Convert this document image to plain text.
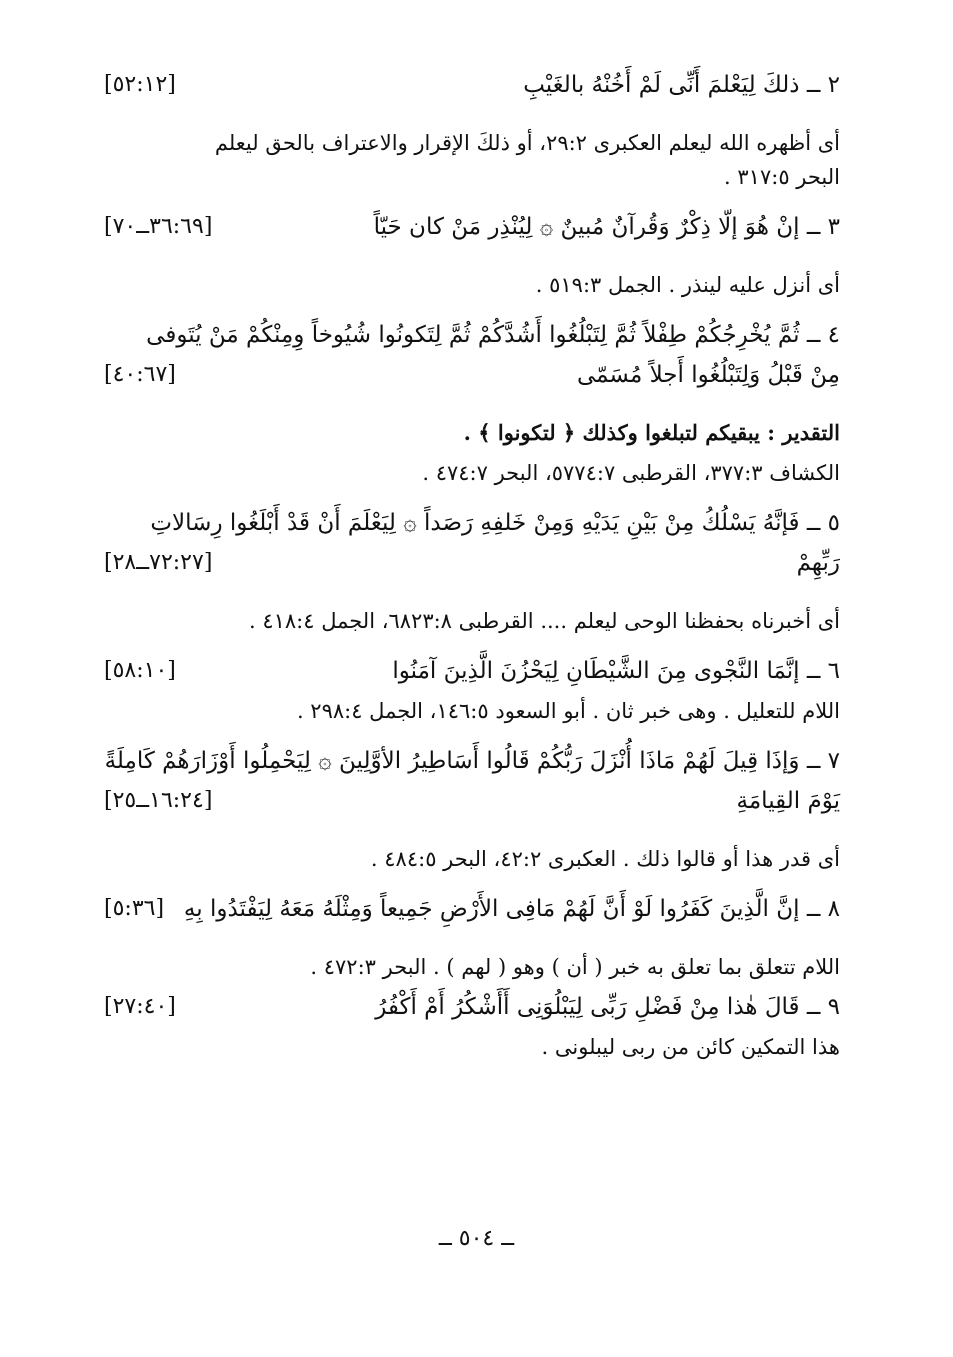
٢ ــ ذلكَ لِيَعْلمَ أَنِّى لَمْ أَخُنْهُ بالغَيْبِ
[٥٢:١٢]
أى أظهره الله ليعلم العكبرى ٢٩:٢، أو ذلكَ الإقرار والاعتراف بالحق ليعلم
البحر ٣١٧:٥ .
٣ ــ إنْ هُوَ إلّا ذِكْرٌ وَقُرآنٌ مُبينٌ ۞ لِيُنْذِر مَنْ كان حَيّاً
[٣٦:٦٩ــ٧٠]
أى أنزل عليه لينذر . الجمل ٥١٩:٣ .
٤ ــ ثُمَّ يُخْرِجُكُمْ طِفْلاً ثُمَّ لِتَبْلُغُوا أَشُدَّكُمْ ثُمَّ لِتَكونُوا شُيُوخاً وِمِنْكُمْ مَنْ يُتَوفى
مِنْ قَبْلُ وَلِتَبْلُغُوا أَجلاً مُسَمّى
[٤٠:٦٧]
التقدير : يبقيكم لتبلغوا وكذلك ﴿ لتكونوا ﴾ .
الكشاف ٣٧٧:٣، القرطبى ٥٧٧٤:٧، البحر ٤٧٤:٧ .
٥ ــ فَإنَّهُ يَسْلُكُ مِنْ بَيْنِ يَدَيْهِ وَمِنْ خَلفِهِ رَصَداً ۞ لِيَعْلَمَ أَنْ قَدْ أَبْلَغُوا رِسَالاتِ
رَبِّهِمْ
[٧٢:٢٧ــ٢٨]
أى أخبرناه بحفظنا الوحى ليعلم .... القرطبى ٦٨٢٣:٨، الجمل ٤١٨:٤ .
٦ ــ إنَّمَا النَّجْوى مِنَ الشَّيْطَانِ لِيَحْزُنَ الَّذِينَ آمَنُوا
[٥٨:١٠]
اللام للتعليل . وهى خبر ثان . أبو السعود ١٤٦:٥، الجمل ٢٩٨:٤ .
٧ ــ وَإذَا قِيلَ لَهُمْ مَاذَا أُنْزَلَ رَبُّكُمْ قَالُوا أَسَاطِيرُ الأوَّلِينَ ۞ لِيَحْمِلُوا أَوْزَارَهُمْ كَامِلَةً
يَوْمَ القِيامَةِ
[١٦:٢٤ــ٢٥]
أى قدر هذا أو قالوا ذلك . العكبرى ٤٢:٢، البحر ٤٨٤:٥ .
٨ ــ إنَّ الَّذِينَ كَفَرُوا لَوْ أَنَّ لَهُمْ مَافِى الأَرْضِ جَمِيعاً وَمِثْلَهُ مَعَهُ لِيَفْتَدُوا بِهِ
[٥:٣٦]
اللام تتعلق بما تعلق به خبر ( أن ) وهو ( لهم ) . البحر ٤٧٢:٣ .
٩ ــ قَالَ هٰذا مِنْ فَضْلِ رَبِّى لِيَبْلُوَنِى أَأَشْكُرُ أَمْ أَكْفُرُ
[٢٧:٤٠]
هذا التمكين كائن من ربى ليبلونى .
ــ ٥٠٤ ــ
